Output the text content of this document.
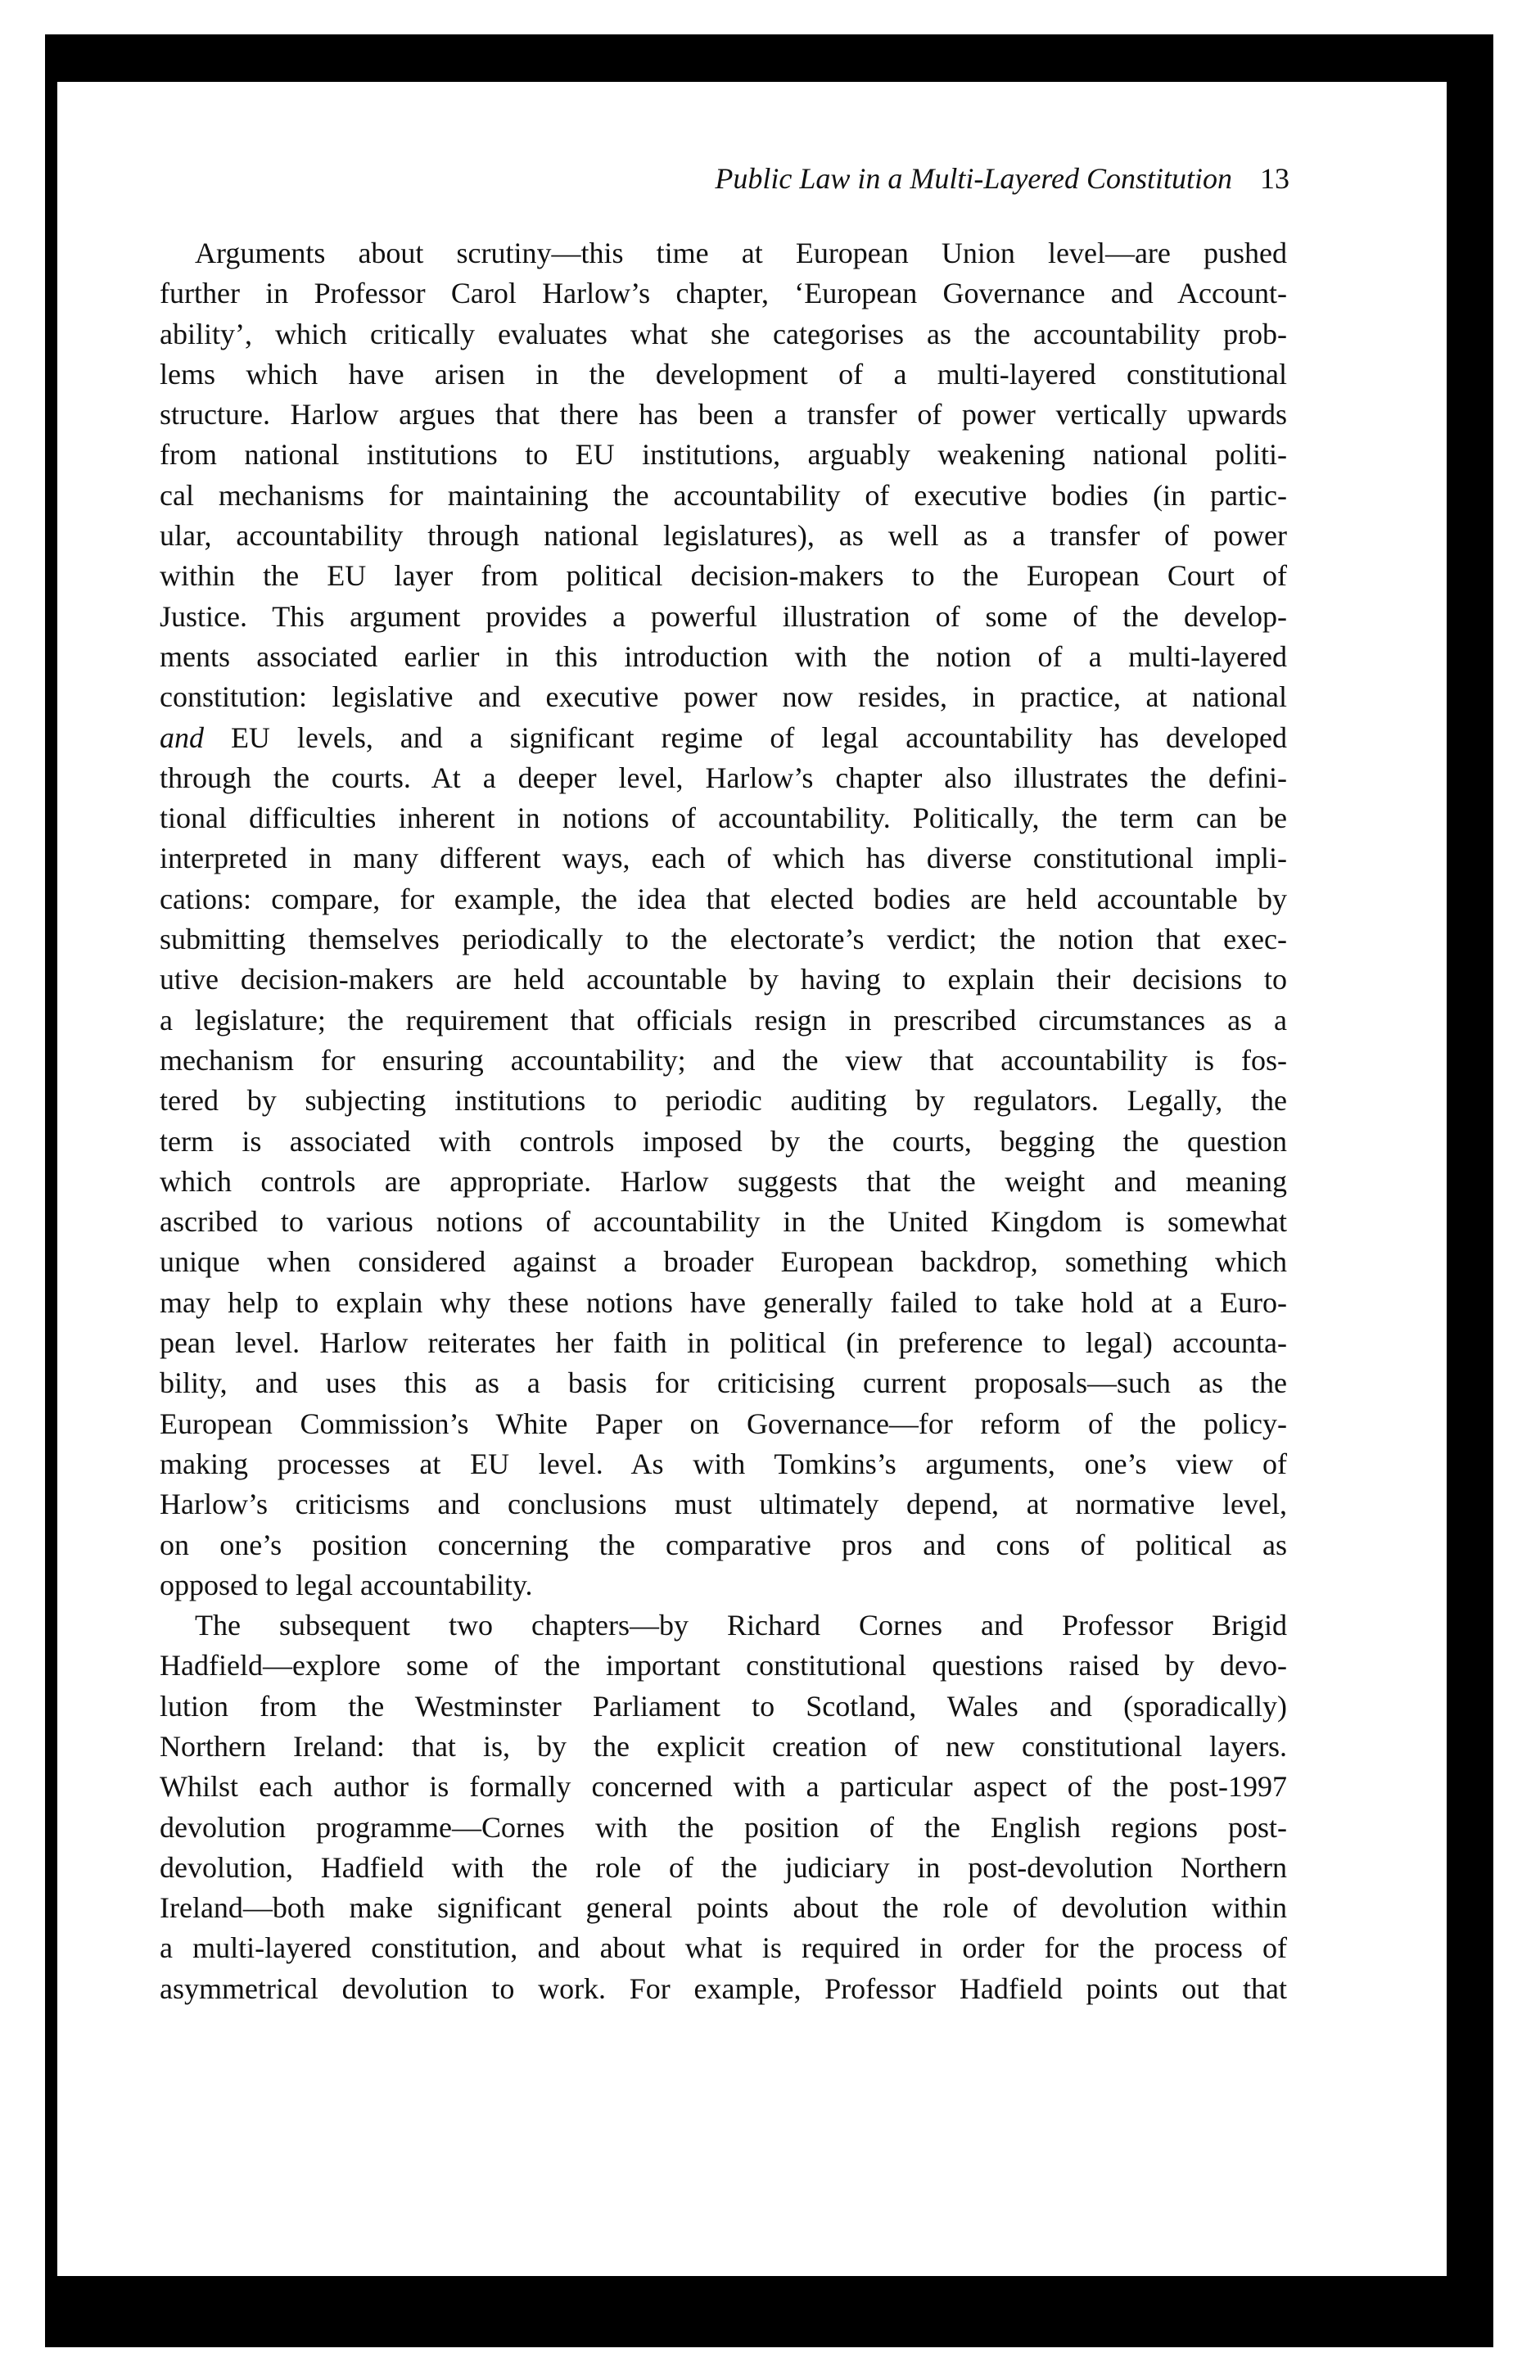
Public Law in a Multi-Layered Constitution 13
Arguments about scrutiny—this time at European Union level—are pushed
further in Professor Carol Harlow’s chapter, ‘European Governance and Account-
ability’, which critically evaluates what she categorises as the accountability prob-
lems which have arisen in the development of a multi-layered constitutional
structure. Harlow argues that there has been a transfer of power vertically upwards
from national institutions to EU institutions, arguably weakening national politi-
cal mechanisms for maintaining the accountability of executive bodies (in partic-
ular, accountability through national legislatures), as well as a transfer of power
within the EU layer from political decision-makers to the European Court of
Justice. This argument provides a powerful illustration of some of the develop-
ments associated earlier in this introduction with the notion of a multi-layered
constitution: legislative and executive power now resides, in practice, at national
and EU levels, and a significant regime of legal accountability has developed
through the courts. At a deeper level, Harlow’s chapter also illustrates the defini-
tional difficulties inherent in notions of accountability. Politically, the term can be
interpreted in many different ways, each of which has diverse constitutional impli-
cations: compare, for example, the idea that elected bodies are held accountable by
submitting themselves periodically to the electorate’s verdict; the notion that exec-
utive decision-makers are held accountable by having to explain their decisions to
a legislature; the requirement that officials resign in prescribed circumstances as a
mechanism for ensuring accountability; and the view that accountability is fos-
tered by subjecting institutions to periodic auditing by regulators. Legally, the
term is associated with controls imposed by the courts, begging the question
which controls are appropriate. Harlow suggests that the weight and meaning
ascribed to various notions of accountability in the United Kingdom is somewhat
unique when considered against a broader European backdrop, something which
may help to explain why these notions have generally failed to take hold at a Euro-
pean level. Harlow reiterates her faith in political (in preference to legal) accounta-
bility, and uses this as a basis for criticising current proposals—such as the
European Commission’s White Paper on Governance—for reform of the policy-
making processes at EU level. As with Tomkins’s arguments, one’s view of
Harlow’s criticisms and conclusions must ultimately depend, at normative level,
on one’s position concerning the comparative pros and cons of political as
opposed to legal accountability.
The subsequent two chapters—by Richard Cornes and Professor Brigid
Hadfield—explore some of the important constitutional questions raised by devo-
lution from the Westminster Parliament to Scotland, Wales and (sporadically)
Northern Ireland: that is, by the explicit creation of new constitutional layers.
Whilst each author is formally concerned with a particular aspect of the post-1997
devolution programme—Cornes with the position of the English regions post-
devolution, Hadfield with the role of the judiciary in post-devolution Northern
Ireland—both make significant general points about the role of devolution within
a multi-layered constitution, and about what is required in order for the process of
asymmetrical devolution to work. For example, Professor Hadfield points out that
